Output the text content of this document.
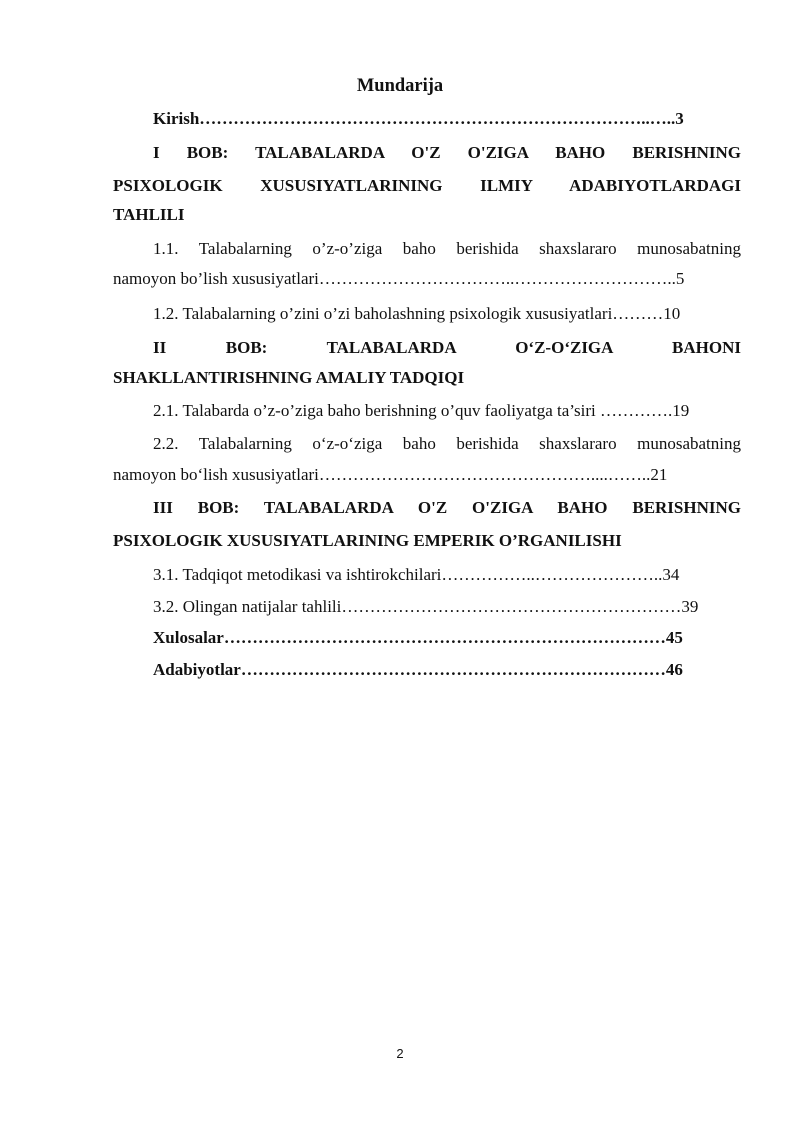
Mundarija
Kirish……………………………………………………………………..…..3
I BOB: TALABALARDA O'Z O'ZIGA BAHO BERISHNING
PSIXOLOGIK XUSUSIYATLARINING ILMIY ADABIYOTLARDAGI
TAHLILI
1.1. Talabalarning o’z-o’ziga baho berishida shaxslararo munosabatning
namoyon bo’lish xususiyatlari……………………………..………………………..5
1.2. Talabalarning o’zini o’zi baholashning psixologik xususiyatlari………10
II BOB: TALABALARDA O‘Z-O‘ZIGA BAHONI
SHAKLLANTIRISHNING AMALIY TADQIQI
2.1. Talabarda o’z-o’ziga baho berishning o’quv faoliyatga ta’siri ………….19
2.2. Talabalarning o‘z-o‘ziga baho berishida shaxslararo munosabatning
namoyon bo‘lish xususiyatlari…………………………………………....……..21
III BOB: TALABALARDA O'Z O'ZIGA BAHO BERISHNING
PSIXOLOGIK XUSUSIYATLARINING EMPERIK O’RGANILISHI
3.1. Tadqiqot metodikasi va ishtirokchilari……………..…………………..34
3.2. Olingan natijalar tahlili……………………………………………………39
Xulosalar……………………………………………………………………45
Adabiyotlar…………………………………………………………………46
2
